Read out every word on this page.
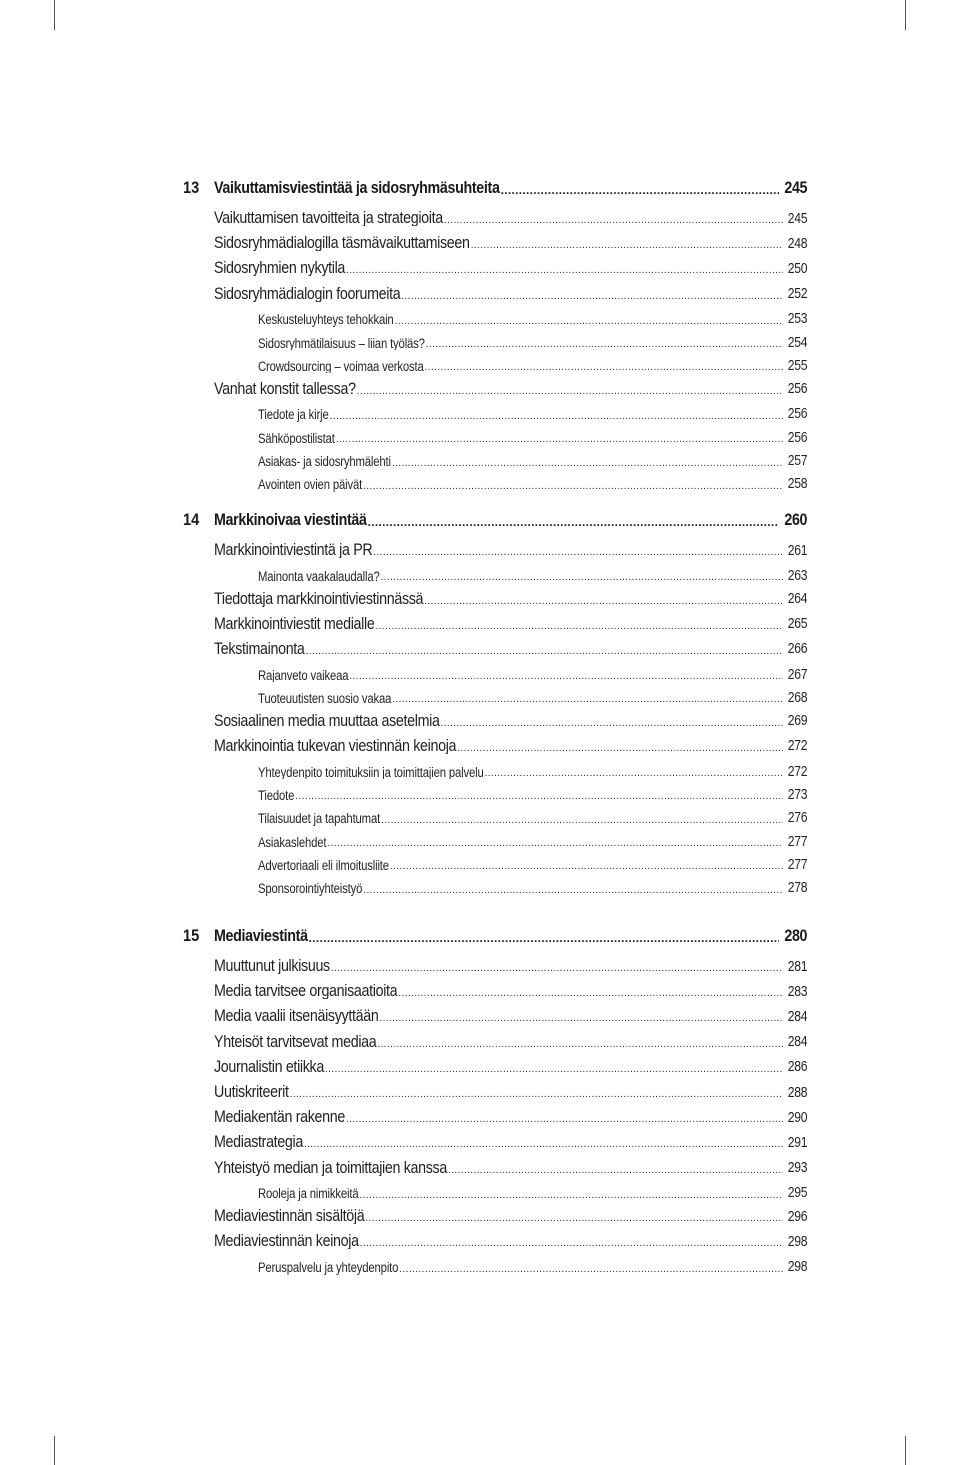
13 Vaikuttamisviestintää ja sidosryhmäsuhteita .....	245
Vaikuttamisen tavoitteita ja strategioita .....	245
Sidosryhmädialogilla täsmävaikuttamiseen .....	248
Sidosryhmien nykytila .....	250
Sidosryhmädialogin foorumeita .....	252
Keskusteluyhteys tehokkain .....	253
Sidosryhmätilaisuus – liian työläs? .....	254
Crowdsourcing – voimaa verkosta .....	255
Vanhat konstit tallessa? .....	256
Tiedote ja kirje .....	256
Sähköpostilistat .....	256
Asiakas- ja sidosryhmälehti .....	257
Avointen ovien päivät .....	258
14 Markkinoivaa viestintää .....	260
Markkinointiviestintä ja PR .....	261
Mainonta vaakalaudalla? .....	263
Tiedottaja markkinointiviestinnässä .....	264
Markkinointiviestit medialle .....	265
Tekstimainonta .....	266
Rajanveto vaikeaa .....	267
Tuoteuutisten suosio vakaa .....	268
Sosiaalinen media muuttaa asetelmia .....	269
Markkinointia tukevan viestinnän keinoja .....	272
Yhteydenpito toimituksiin ja toimittajien palvelu .....	272
Tiedote .....	273
Tilaisuudet ja tapahtumat .....	276
Asiakaslehdet .....	277
Advertoriaali eli ilmoitusliite .....	277
Sponsorointiyhteistyö .....	278
15 Mediaviestintä .....	280
Muuttunut julkisuus .....	281
Media tarvitsee organisaatioita .....	283
Media vaalii itsenäisyyttään .....	284
Yhteisöt tarvitsevat mediaa .....	284
Journalistin etiikka .....	286
Uutiskriteerit .....	288
Mediakentän rakenne .....	290
Mediastrategia .....	291
Yhteistyö median ja toimittajien kanssa .....	293
Rooleja ja nimikkeitä .....	295
Mediaviestinnän sisältöjä .....	296
Mediaviestinnän keinoja .....	298
Peruspalvelu ja yhteydenpito .....	298
